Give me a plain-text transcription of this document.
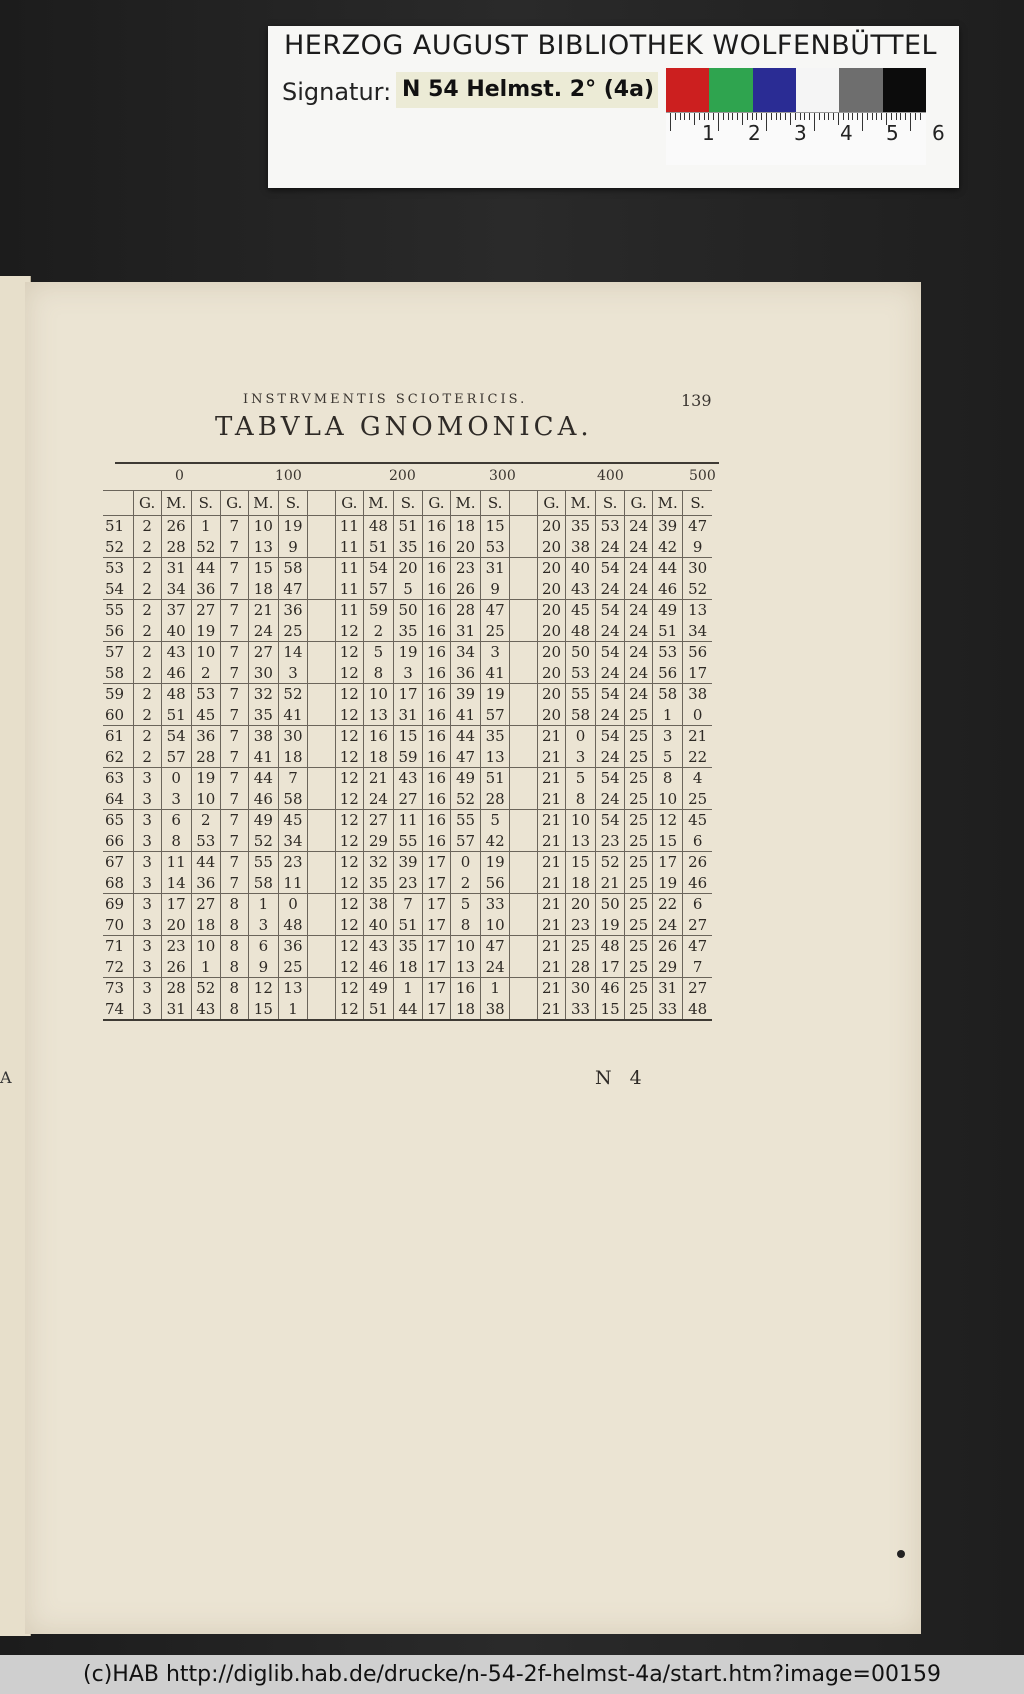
HERZOG AUGUST BIBLIOTHEK WOLFENBÜTTEL
Signatur: N 54 Helmst. 2° (4a)
1 2 3 4 5 6
A
INSTRVMENTIS SCIOTERICIS.	139
TABVLA GNOMONICA.
0	100	200	300	400	500
	G.	M.	S.	G.	M.	S.		G.	M.	S.	G.	M.	S.		G.	M.	S.	G.	M.	S.
51	2	26	1	7	10	19		11	48	51	16	18	15		20	35	53	24	39	47
52	2	28	52	7	13	9		11	51	35	16	20	53		20	38	24	24	42	9
53	2	31	44	7	15	58		11	54	20	16	23	31		20	40	54	24	44	30
54	2	34	36	7	18	47		11	57	5	16	26	9		20	43	24	24	46	52
55	2	37	27	7	21	36		11	59	50	16	28	47		20	45	54	24	49	13
56	2	40	19	7	24	25		12	2	35	16	31	25		20	48	24	24	51	34
57	2	43	10	7	27	14		12	5	19	16	34	3		20	50	54	24	53	56
58	2	46	2	7	30	3		12	8	3	16	36	41		20	53	24	24	56	17
59	2	48	53	7	32	52		12	10	17	16	39	19		20	55	54	24	58	38
60	2	51	45	7	35	41		12	13	31	16	41	57		20	58	24	25	1	0
61	2	54	36	7	38	30		12	16	15	16	44	35		21	0	54	25	3	21
62	2	57	28	7	41	18		12	18	59	16	47	13		21	3	24	25	5	22
63	3	0	19	7	44	7		12	21	43	16	49	51		21	5	54	25	8	4
64	3	3	10	7	46	58		12	24	27	16	52	28		21	8	24	25	10	25
65	3	6	2	7	49	45		12	27	11	16	55	5		21	10	54	25	12	45
66	3	8	53	7	52	34		12	29	55	16	57	42		21	13	23	25	15	6
67	3	11	44	7	55	23		12	32	39	17	0	19		21	15	52	25	17	26
68	3	14	36	7	58	11		12	35	23	17	2	56		21	18	21	25	19	46
69	3	17	27	8	1	0		12	38	7	17	5	33		21	20	50	25	22	6
70	3	20	18	8	3	48		12	40	51	17	8	10		21	23	19	25	24	27
71	3	23	10	8	6	36		12	43	35	17	10	47		21	25	48	25	26	47
72	3	26	1	8	9	25		12	46	18	17	13	24		21	28	17	25	29	7
73	3	28	52	8	12	13		12	49	1	17	16	1		21	30	46	25	31	27
74	3	31	43	8	15	1		12	51	44	17	18	38		21	33	15	25	33	48
N 4
(c)HAB http://diglib.hab.de/drucke/n-54-2f-helmst-4a/start.htm?image=00159
